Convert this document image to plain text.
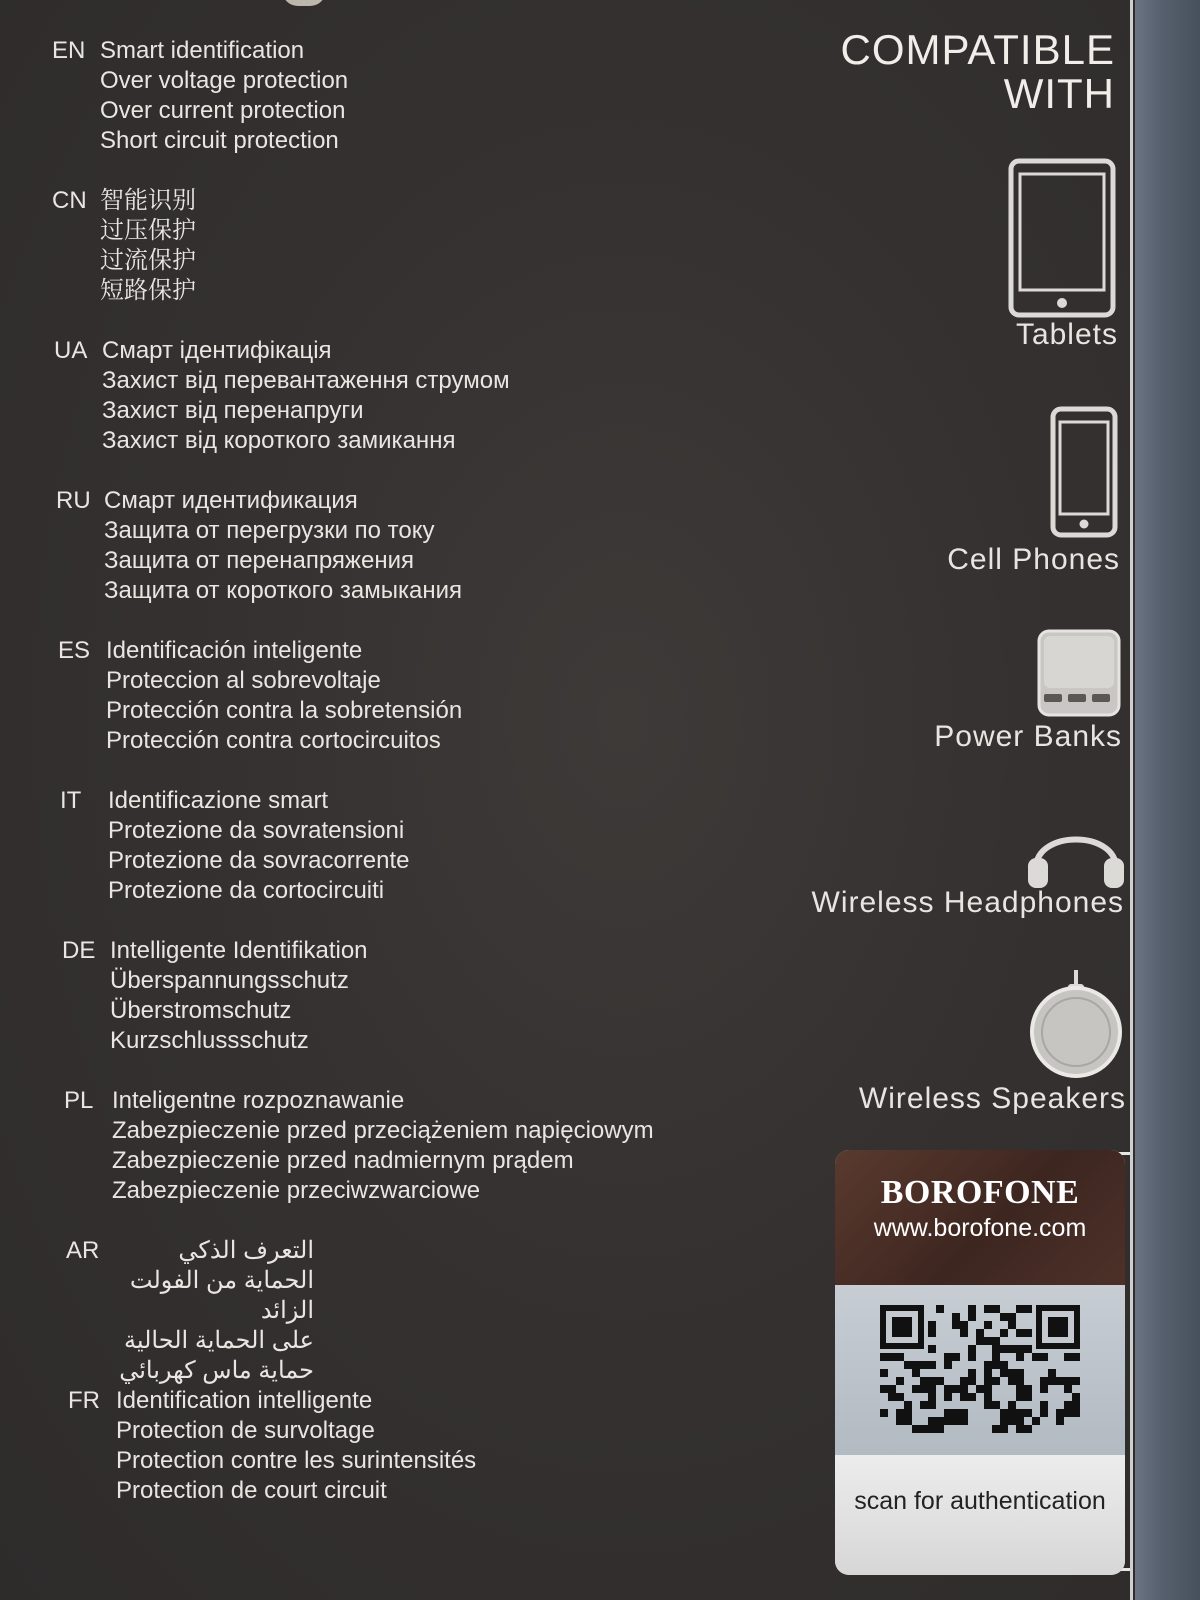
EN Smart identification
Over voltage protection
Over current protection
Short circuit protection
CN 智能识别
过压保护
过流保护
短路保护
UA Смарт ідентифікація
Захист від перевантаження струмом
Захист від перенапруги
Захист від короткого замикання
RU Смарт идентификация
Защита от перегрузки по току
Защита от перенапряжения
Защита от короткого замыкания
ES Identificación inteligente
Proteccion al sobrevoltaje
Protección contra la sobretensión
Protección contra cortocircuitos
IT	Identificazione smart
Protezione da sovratensioni
Protezione da sovracorrente
Protezione da cortocircuiti
DE Intelligente Identifikation
Überspannungsschutz
Überstromschutz
Kurzschlussschutz
PL Inteligentne rozpoznawanie
Zabezpieczenie przed przeciążeniem napięciowym
Zabezpieczenie przed nadmiernym prądem
Zabezpieczenie przeciwzwarciowe
AR	التعرف الذكي
الحماية من الفولت الزائد
على الحماية الحالية
حماية ماس كهربائي
FR Identification intelligente
Protection de survoltage
Protection contre les surintensités
Protection de court circuit
COMPATIBLE
WITH
Tablets
Cell Phones
Power Banks
Wireless Headphones
Wireless Speakers
BOROFONE
www.borofone.com
scan for authentication
